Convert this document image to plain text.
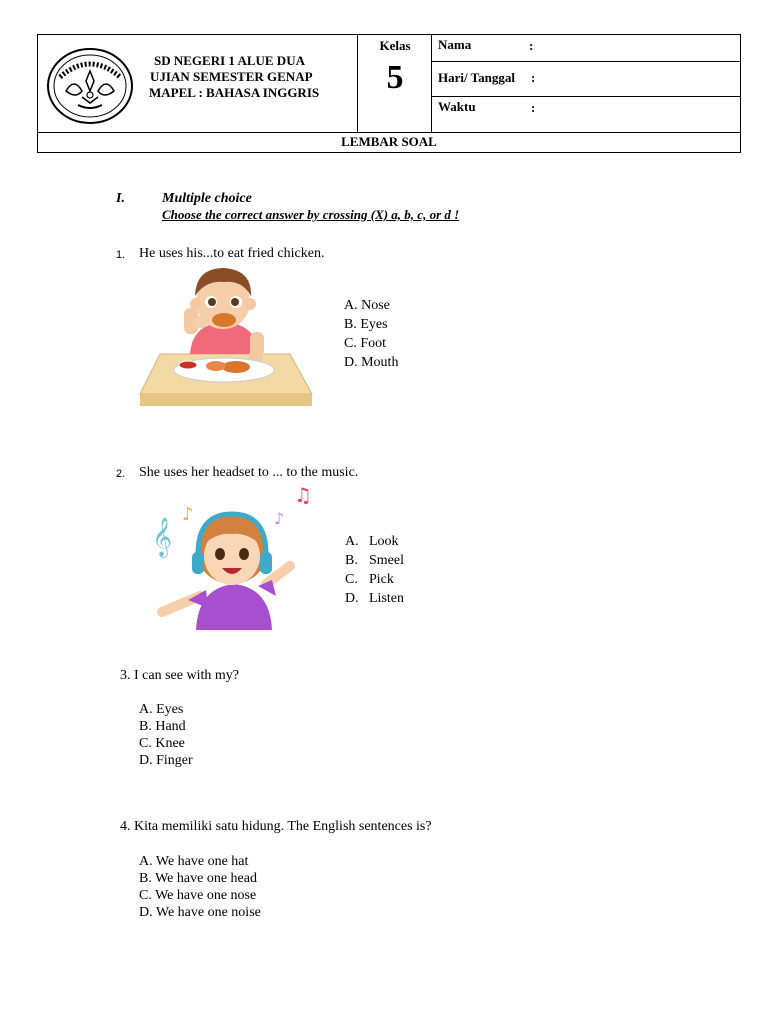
SD NEGERI 1 ALUE DUA
UJIAN SEMESTER GENAP
MAPEL : BAHASA INGGRIS
Kelas
5
Nama	:
Hari/ Tanggal :
Waktu	:
LEMBAR SOAL
I.	Multiple choice
Choose the correct answer by crossing (X) a, b, c, or d !
1. He uses his...to eat fried chicken.
A. Nose
B. Eyes
C. Foot
D. Mouth
2. She uses her headset to ... to the music.
𝄞
♪	♪
♫
A. Look
B. Smeel
C. Pick
D. Listen
3. I can see with my?
A. Eyes
B. Hand
C. Knee
D. Finger
4. Kita memiliki satu hidung. The English sentences is?
A. We have one hat
B. We have one head
C. We have one nose
D. We have one noise
